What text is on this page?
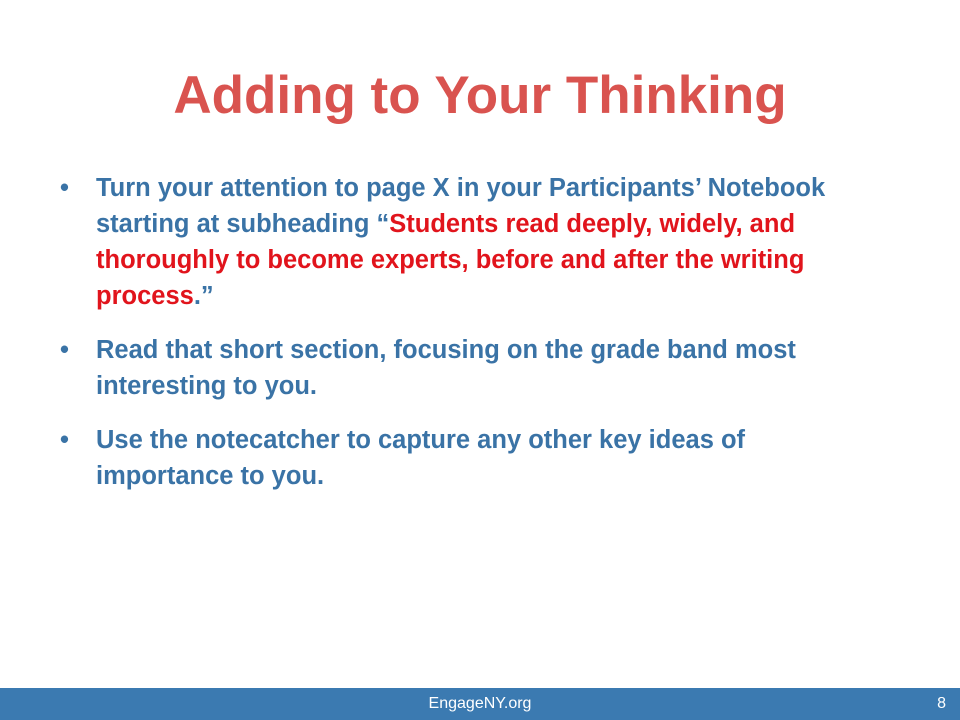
Adding to Your Thinking
• Turn your attention to page X in your Participants’ Notebook starting at subheading “Students read deeply, widely, and thoroughly to become experts, before and after the writing process.”
• Read that short section, focusing on the grade band most interesting to you.
• Use the notecatcher to capture any other key ideas of importance to you.
EngageNY.org	8
